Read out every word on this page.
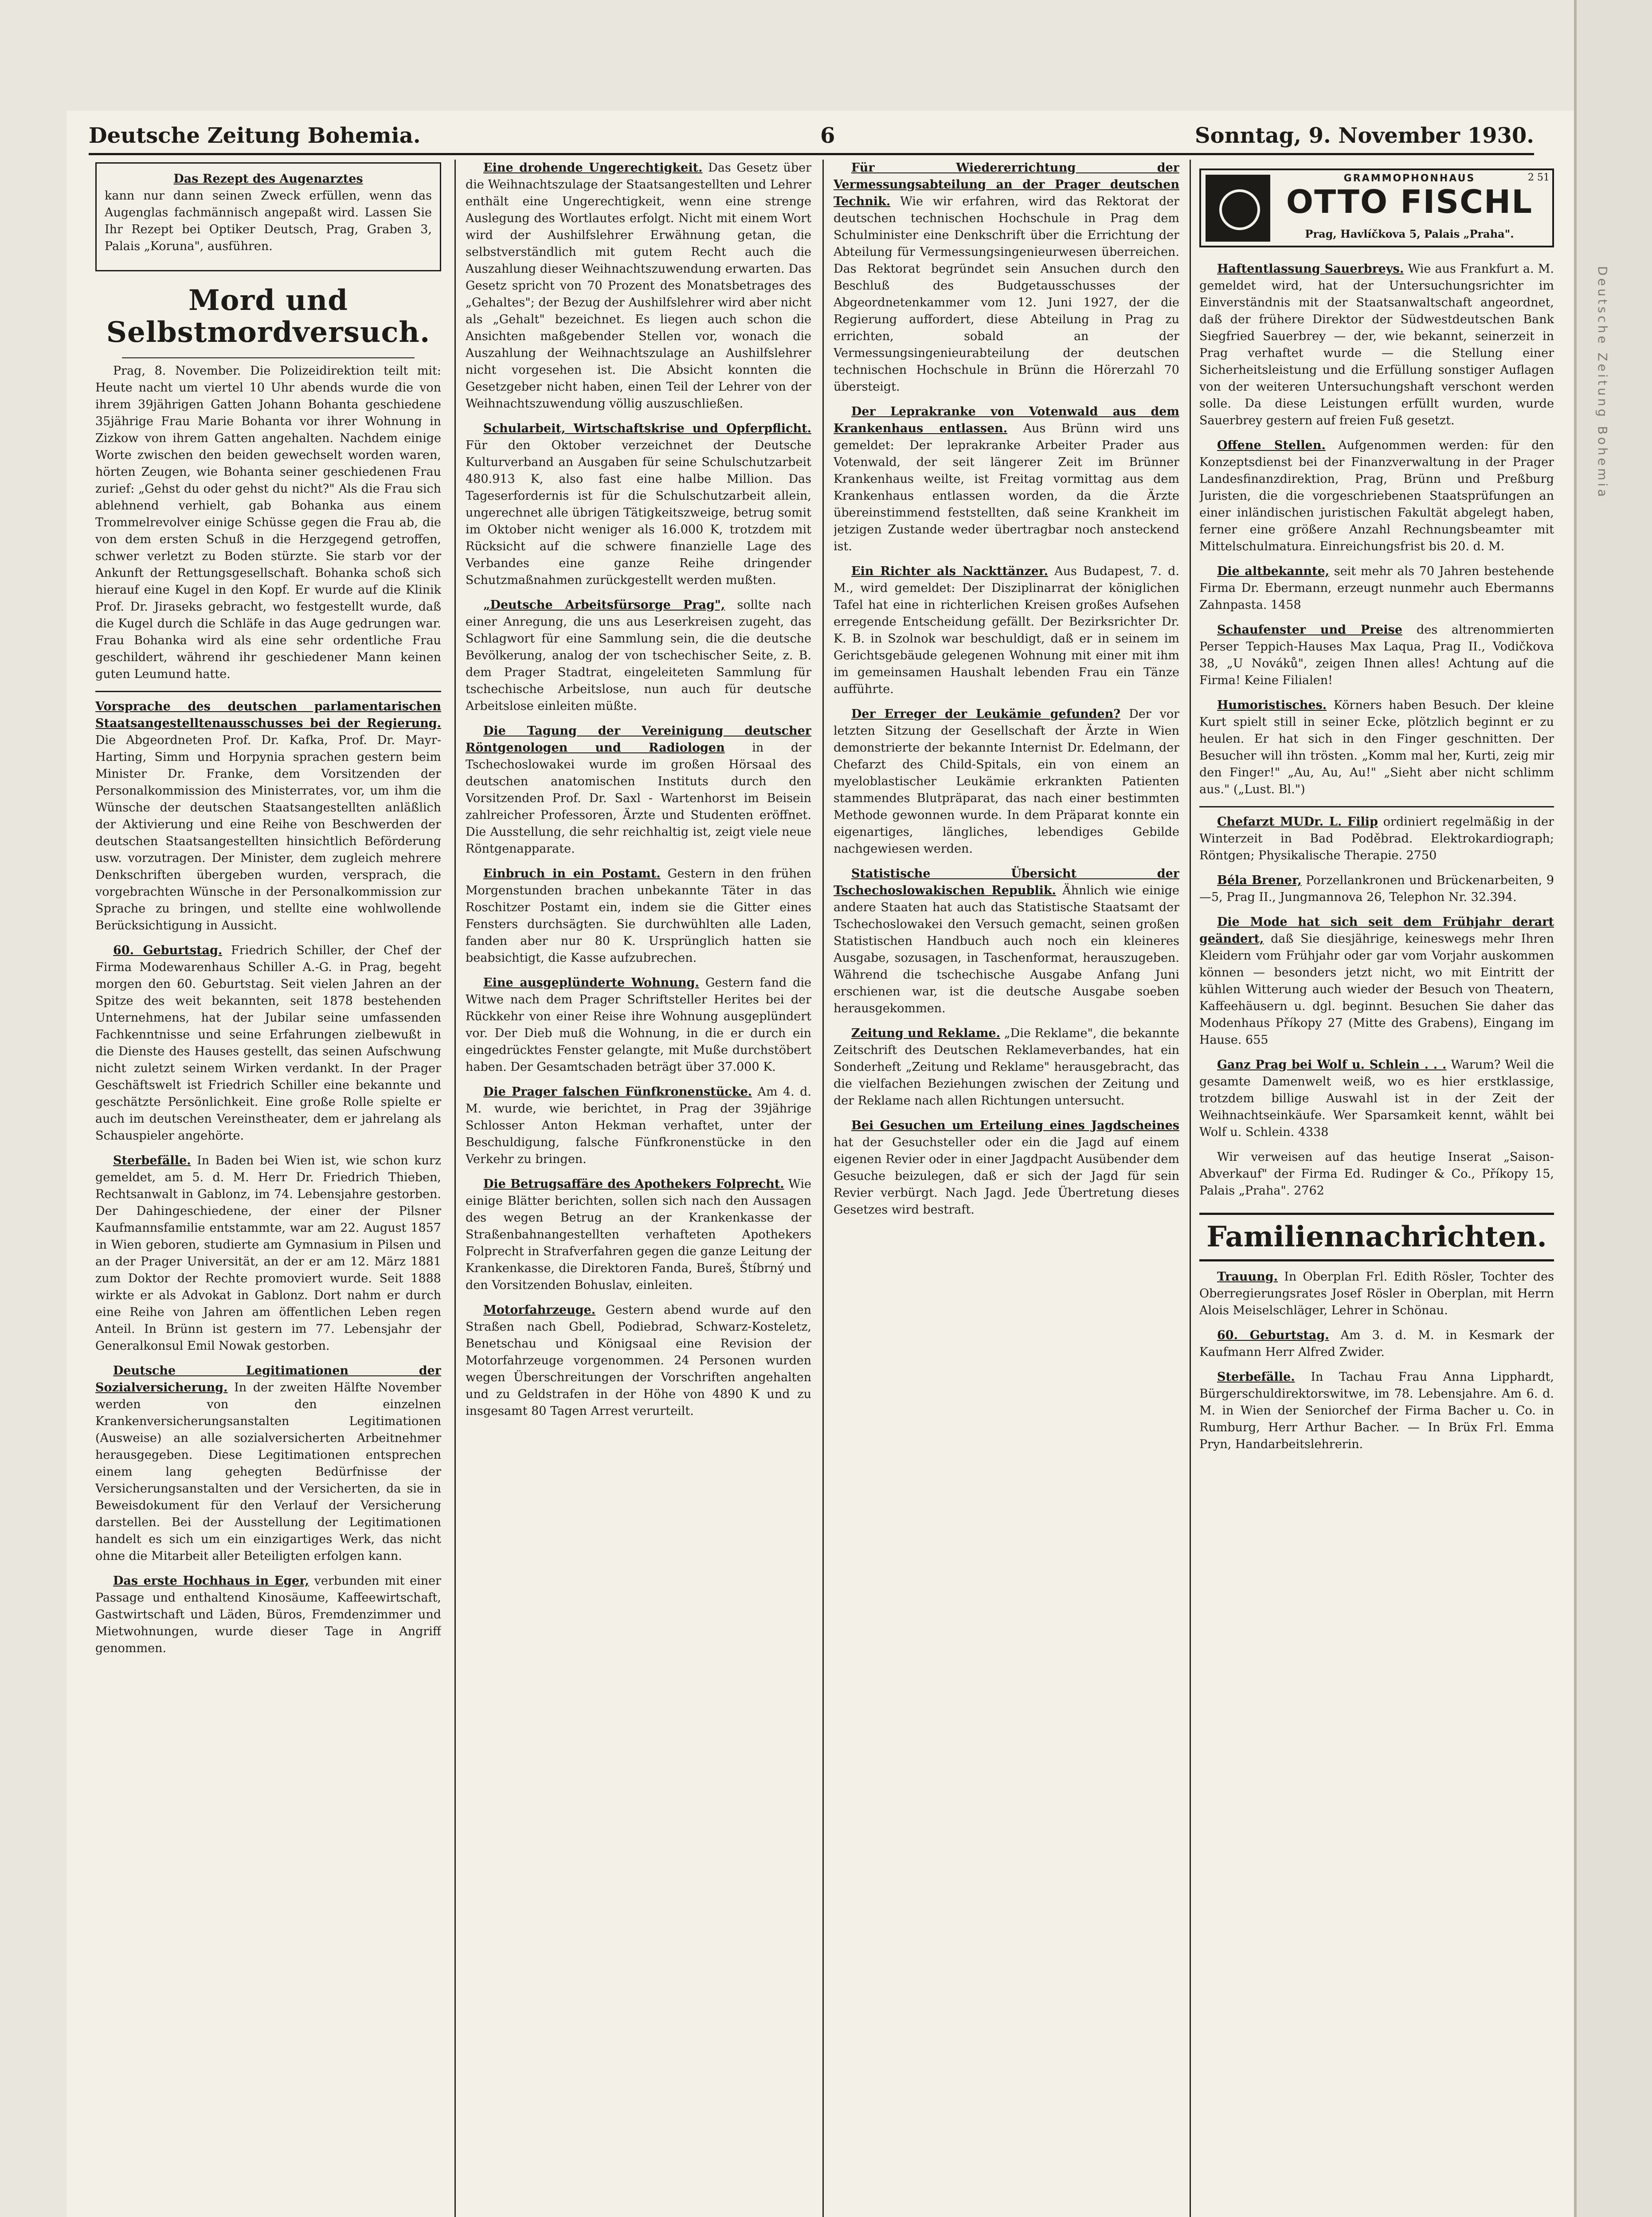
Deutsche Zeitung Bohemia
Deutsche Zeitung Bohemia.	6	Sonntag, 9. November 1930.
Das Rezept des Augenarztes
kann nur dann seinen Zweck erfüllen, wenn das Augenglas fachmännisch angepaßt wird. Lassen Sie Ihr Rezept bei Optiker Deutsch, Prag, Graben 3, Palais „Koruna", ausführen.
Mord und Selbstmordversuch.

Prag, 8. November. Die Polizeidirektion teilt mit: Heute nacht um viertel 10 Uhr abends wurde die von ihrem 39jährigen Gatten Johann Bohanta geschiedene 35jährige Frau Marie Bohanta vor ihrer Wohnung in Zizkow von ihrem Gatten angehalten. Nachdem einige Worte zwischen den beiden gewechselt worden waren, hörten Zeugen, wie Bohanta seiner geschiedenen Frau zurief: „Gehst du oder gehst du nicht?" Als die Frau sich ablehnend verhielt, gab Bohanka aus einem Trommelrevolver einige Schüsse gegen die Frau ab, die von dem ersten Schuß in die Herzgegend getroffen, schwer verletzt zu Boden stürzte. Sie starb vor der Ankunft der Rettungsgesellschaft. Bohanka schoß sich hierauf eine Kugel in den Kopf. Er wurde auf die Klinik Prof. Dr. Jiraseks gebracht, wo festgestellt wurde, daß die Kugel durch die Schläfe in das Auge gedrungen war. Frau Bohanka wird als eine sehr ordentliche Frau geschildert, während ihr geschiedener Mann keinen guten Leumund hatte.

Vorsprache des deutschen parlamentarischen Staatsangestelltenausschusses bei der Regierung. Die Abgeordneten Prof. Dr. Kafka, Prof. Dr. Mayr-Harting, Simm und Horpynia sprachen gestern beim Minister Dr. Franke, dem Vorsitzenden der Personalkommission des Ministerrates, vor, um ihm die Wünsche der deutschen Staatsangestellten anläßlich der Aktivierung und eine Reihe von Beschwerden der deutschen Staatsangestellten hinsichtlich Beförderung usw. vorzutragen. Der Minister, dem zugleich mehrere Denkschriften übergeben wurden, versprach, die vorgebrachten Wünsche in der Personalkommission zur Sprache zu bringen, und stellte eine wohlwollende Berücksichtigung in Aussicht.

60. Geburtstag. Friedrich Schiller, der Chef der Firma Modewarenhaus Schiller A.-G. in Prag, begeht morgen den 60. Geburtstag. Seit vielen Jahren an der Spitze des weit bekannten, seit 1878 bestehenden Unternehmens, hat der Jubilar seine umfassenden Fachkenntnisse und seine Erfahrungen zielbewußt in die Dienste des Hauses gestellt, das seinen Aufschwung nicht zuletzt seinem Wirken verdankt. In der Prager Geschäftswelt ist Friedrich Schiller eine bekannte und geschätzte Persönlichkeit. Eine große Rolle spielte er auch im deutschen Vereinstheater, dem er jahrelang als Schauspieler angehörte.

Sterbefälle. In Baden bei Wien ist, wie schon kurz gemeldet, am 5. d. M. Herr Dr. Friedrich Thieben, Rechtsanwalt in Gablonz, im 74. Lebensjahre gestorben. Der Dahingeschiedene, der einer der Pilsner Kaufmannsfamilie entstammte, war am 22. August 1857 in Wien geboren, studierte am Gymnasium in Pilsen und an der Prager Universität, an der er am 12. März 1881 zum Doktor der Rechte promoviert wurde. Seit 1888 wirkte er als Advokat in Gablonz. Dort nahm er durch eine Reihe von Jahren am öffentlichen Leben regen Anteil. In Brünn ist gestern im 77. Lebensjahr der Generalkonsul Emil Nowak gestorben.

Deutsche Legitimationen der Sozialversicherung. In der zweiten Hälfte November werden von den einzelnen Krankenversicherungsanstalten Legitimationen (Ausweise) an alle sozialversicherten Arbeitnehmer herausgegeben. Diese Legitimationen entsprechen einem lang gehegten Bedürfnisse der Versicherungsanstalten und der Versicherten, da sie in Beweisdokument für den Verlauf der Versicherung darstellen. Bei der Ausstellung der Legitimationen handelt es sich um ein einzigartiges Werk, das nicht ohne die Mitarbeit aller Beteiligten erfolgen kann.

Das erste Hochhaus in Eger, verbunden mit einer Passage und enthaltend Kinosäume, Kaffeewirtschaft, Gastwirtschaft und Läden, Büros, Fremdenzimmer und Mietwohnungen, wurde dieser Tage in Angriff genommen.

Eine drohende Ungerechtigkeit. Das Gesetz über die Weihnachtszulage der Staatsangestellten und Lehrer enthält eine Ungerechtigkeit, wenn eine strenge Auslegung des Wortlautes erfolgt. Nicht mit einem Wort wird der Aushilfslehrer Erwähnung getan, die selbstverständlich mit gutem Recht auch die Auszahlung dieser Weihnachtszuwendung erwarten. Das Gesetz spricht von 70 Prozent des Monatsbetrages des „Gehaltes"; der Bezug der Aushilfslehrer wird aber nicht als „Gehalt" bezeichnet. Es liegen auch schon die Ansichten maßgebender Stellen vor, wonach die Auszahlung der Weihnachtszulage an Aushilfslehrer nicht vorgesehen ist. Die Absicht konnten die Gesetzgeber nicht haben, einen Teil der Lehrer von der Weihnachtszuwendung völlig auszuschließen.

Schularbeit, Wirtschaftskrise und Opferpflicht. Für den Oktober verzeichnet der Deutsche Kulturverband an Ausgaben für seine Schulschutzarbeit 480.913 K, also fast eine halbe Million. Das Tageserfordernis ist für die Schulschutzarbeit allein, ungerechnet alle übrigen Tätigkeitszweige, betrug somit im Oktober nicht weniger als 16.000 K, trotzdem mit Rücksicht auf die schwere finanzielle Lage des Verbandes eine ganze Reihe dringender Schutzmaßnahmen zurückgestellt werden mußten.

„Deutsche Arbeitsfürsorge Prag", sollte nach einer Anregung, die uns aus Leserkreisen zugeht, das Schlagwort für eine Sammlung sein, die die deutsche Bevölkerung, analog der von tschechischer Seite, z. B. dem Prager Stadtrat, eingeleiteten Sammlung für tschechische Arbeitslose, nun auch für deutsche Arbeitslose einleiten müßte.

Die Tagung der Vereinigung deutscher Röntgenologen und Radiologen in der Tschechoslowakei wurde im großen Hörsaal des deutschen anatomischen Instituts durch den Vorsitzenden Prof. Dr. Saxl - Wartenhorst im Beisein zahlreicher Professoren, Ärzte und Studenten eröffnet. Die Ausstellung, die sehr reichhaltig ist, zeigt viele neue Röntgenapparate.

Einbruch in ein Postamt. Gestern in den frühen Morgenstunden brachen unbekannte Täter in das Roschitzer Postamt ein, indem sie die Gitter eines Fensters durchsägten. Sie durchwühlten alle Laden, fanden aber nur 80 K. Ursprünglich hatten sie beabsichtigt, die Kasse aufzubrechen.

Eine ausgeplünderte Wohnung. Gestern fand die Witwe nach dem Prager Schriftsteller Herites bei der Rückkehr von einer Reise ihre Wohnung ausgeplündert vor. Der Dieb muß die Wohnung, in die er durch ein eingedrücktes Fenster gelangte, mit Muße durchstöbert haben. Der Gesamtschaden beträgt über 37.000 K.

Die Prager falschen Fünfkronenstücke. Am 4. d. M. wurde, wie berichtet, in Prag der 39jährige Schlosser Anton Hekman verhaftet, unter der Beschuldigung, falsche Fünfkronenstücke in den Verkehr zu bringen.

Die Betrugsaffäre des Apothekers Folprecht. Wie einige Blätter berichten, sollen sich nach den Aussagen des wegen Betrug an der Krankenkasse der Straßenbahnangestellten verhafteten Apothekers Folprecht in Strafverfahren gegen die ganze Leitung der Krankenkasse, die Direktoren Fanda, Bureš, Štíbrný und den Vorsitzenden Bohuslav, einleiten.

Motorfahrzeuge. Gestern abend wurde auf den Straßen nach Gbell, Podiebrad, Schwarz-Kosteletz, Benetschau und Königsaal eine Revision der Motorfahrzeuge vorgenommen. 24 Personen wurden wegen Überschreitungen der Vorschriften angehalten und zu Geldstrafen in der Höhe von 4890 K und zu insgesamt 80 Tagen Arrest verurteilt.

Für Wiedererrichtung der Vermessungsabteilung an der Prager deutschen Technik. Wie wir erfahren, wird das Rektorat der deutschen technischen Hochschule in Prag dem Schulminister eine Denkschrift über die Errichtung der Abteilung für Vermessungsingenieurwesen überreichen. Das Rektorat begründet sein Ansuchen durch den Beschluß des Budgetausschusses der Abgeordnetenkammer vom 12. Juni 1927, der die Regierung auffordert, diese Abteilung in Prag zu errichten, sobald an der Vermessungsingenieurabteilung der deutschen technischen Hochschule in Brünn die Hörerzahl 70 übersteigt.

Der Leprakranke von Votenwald aus dem Krankenhaus entlassen. Aus Brünn wird uns gemeldet: Der leprakranke Arbeiter Prader aus Votenwald, der seit längerer Zeit im Brünner Krankenhaus weilte, ist Freitag vormittag aus dem Krankenhaus entlassen worden, da die Ärzte übereinstimmend feststellten, daß seine Krankheit im jetzigen Zustande weder übertragbar noch ansteckend ist.

Ein Richter als Nackttänzer. Aus Budapest, 7. d. M., wird gemeldet: Der Disziplinarrat der königlichen Tafel hat eine in richterlichen Kreisen großes Aufsehen erregende Entscheidung gefällt. Der Bezirksrichter Dr. K. B. in Szolnok war beschuldigt, daß er in seinem im Gerichtsgebäude gelegenen Wohnung mit einer mit ihm im gemeinsamen Haushalt lebenden Frau ein Tänze aufführte.

Der Erreger der Leukämie gefunden? Der vor letzten Sitzung der Gesellschaft der Ärzte in Wien demonstrierte der bekannte Internist Dr. Edelmann, der Chefarzt des Child-Spitals, ein von einem an myeloblastischer Leukämie erkrankten Patienten stammendes Blutpräparat, das nach einer bestimmten Methode gewonnen wurde. In dem Präparat konnte ein eigenartiges, längliches, lebendiges Gebilde nachgewiesen werden.

Statistische Übersicht der Tschechoslowakischen Republik. Ähnlich wie einige andere Staaten hat auch das Statistische Staatsamt der Tschechoslowakei den Versuch gemacht, seinen großen Statistischen Handbuch auch noch ein kleineres Ausgabe, sozusagen, in Taschenformat, herauszugeben. Während die tschechische Ausgabe Anfang Juni erschienen war, ist die deutsche Ausgabe soeben herausgekommen.

Zeitung und Reklame. „Die Reklame", die bekannte Zeitschrift des Deutschen Reklameverbandes, hat ein Sonderheft „Zeitung und Reklame" herausgebracht, das die vielfachen Beziehungen zwischen der Zeitung und der Reklame nach allen Richtungen untersucht.

Bei Gesuchen um Erteilung eines Jagdscheines hat der Gesuchsteller oder ein die Jagd auf einem eigenen Revier oder in einer Jagdpacht Ausübender dem Gesuche beizulegen, daß er sich der Jagd für sein Revier verbürgt. Nach Jagd. Jede Übertretung dieses Gesetzes wird bestraft.

GRAMMOPHONHAUS
OTTO FISCHL
Prag, Havlíčkova 5, Palais „Praha".
2 51

Haftentlassung Sauerbreys. Wie aus Frankfurt a. M. gemeldet wird, hat der Untersuchungsrichter im Einverständnis mit der Staatsanwaltschaft angeordnet, daß der frühere Direktor der Südwestdeutschen Bank Siegfried Sauerbrey — der, wie bekannt, seinerzeit in Prag verhaftet wurde — die Stellung einer Sicherheitsleistung und die Erfüllung sonstiger Auflagen von der weiteren Untersuchungshaft verschont werden solle. Da diese Leistungen erfüllt wurden, wurde Sauerbrey gestern auf freien Fuß gesetzt.

Offene Stellen. Aufgenommen werden: für den Konzeptsdienst bei der Finanzverwaltung in der Prager Landesfinanzdirektion, Prag, Brünn und Preßburg Juristen, die die vorgeschriebenen Staatsprüfungen an einer inländischen juristischen Fakultät abgelegt haben, ferner eine größere Anzahl Rechnungsbeamter mit Mittelschulmatura. Einreichungsfrist bis 20. d. M.

Die altbekannte, seit mehr als 70 Jahren bestehende Firma Dr. Ebermann, erzeugt nunmehr auch Ebermanns Zahnpasta. 1458

Schaufenster und Preise des altrenommierten Perser Teppich-Hauses Max Laqua, Prag II., Vodičkova 38, „U Nováků", zeigen Ihnen alles! Achtung auf die Firma! Keine Filialen!

Humoristisches. Körners haben Besuch. Der kleine Kurt spielt still in seiner Ecke, plötzlich beginnt er zu heulen. Er hat sich in den Finger geschnitten. Der Besucher will ihn trösten. „Komm mal her, Kurti, zeig mir den Finger!" „Au, Au, Au!" „Sieht aber nicht schlimm aus." („Lust. Bl.")

Chefarzt MUDr. L. Filip ordiniert regelmäßig in der Winterzeit in Bad Poděbrad. Elektrokardiograph; Röntgen; Physikalische Therapie. 2750

Béla Brener, Porzellankronen und Brückenarbeiten, 9—5, Prag II., Jungmannova 26, Telephon Nr. 32.394.

Die Mode hat sich seit dem Frühjahr derart geändert, daß Sie diesjährige, keineswegs mehr Ihren Kleidern vom Frühjahr oder gar vom Vorjahr auskommen können — besonders jetzt nicht, wo mit Eintritt der kühlen Witterung auch wieder der Besuch von Theatern, Kaffeehäusern u. dgl. beginnt. Besuchen Sie daher das Modenhaus Příkopy 27 (Mitte des Grabens), Eingang im Hause. 655

Ganz Prag bei Wolf u. Schlein . . . Warum? Weil die gesamte Damenwelt weiß, wo es hier erstklassige, trotzdem billige Auswahl ist in der Zeit der Weihnachtseinkäufe. Wer Sparsamkeit kennt, wählt bei Wolf u. Schlein. 4338

Wir verweisen auf das heutige Inserat „Saison-Abverkauf" der Firma Ed. Rudinger & Co., Příkopy 15, Palais „Praha". 2762

Familiennachrichten.

Trauung. In Oberplan Frl. Edith Rösler, Tochter des Oberregierungsrates Josef Rösler in Oberplan, mit Herrn Alois Meiselschläger, Lehrer in Schönau.

60. Geburtstag. Am 3. d. M. in Kesmark der Kaufmann Herr Alfred Zwider.

Sterbefälle. In Tachau Frau Anna Lipphardt, Bürgerschuldirektorswitwe, im 78. Lebensjahre. Am 6. d. M. in Wien der Seniorchef der Firma Bacher u. Co. in Rumburg, Herr Arthur Bacher. — In Brüx Frl. Emma Pryn, Handarbeitslehrerin.
